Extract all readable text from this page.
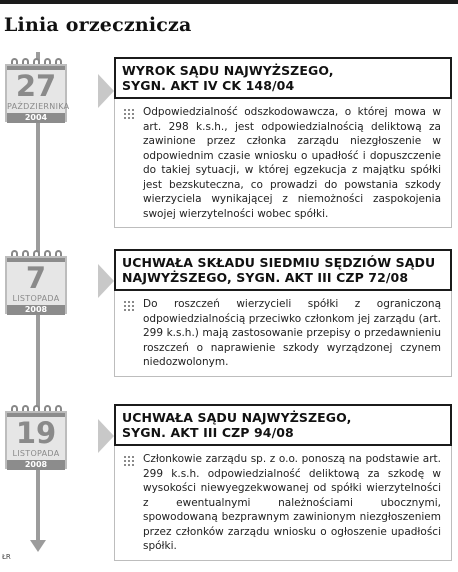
Linia orzecznicza
27
PAŹDZIERNIKA
2004
WYROK SĄDU NAJWYŻSZEGO,
SYGN. AKT IV CK 148/04
Odpowiedzialność odszkodowawcza, o której mowa w art. 298 k.s.h., jest odpowiedzialnością deliktową za zawinione przez członka zarządu niezgłoszenie w odpowiednim czasie wniosku o upadłość i dopuszczenie do takiej sytuacji, w której egzekucja z majątku spółki jest bezskuteczna, co prowadzi do powstania szkody wierzyciela wynikającej z niemożności zaspokojenia swojej wierzytelności wobec spółki.
7
LISTOPADA
2008
UCHWAŁA SKŁADU SIEDMIU SĘDZIÓW SĄDU
NAJWYŻSZEGO, SYGN. AKT III CZP 72/08
Do roszczeń wierzycieli spółki z ograniczoną odpowiedzialnością przeciwko członkom jej zarządu (art. 299 k.s.h.) mają zastosowanie przepisy o przedawnieniu roszczeń o naprawienie szkody wyrządzonej czynem niedozwolonym.
19
LISTOPADA
2008
UCHWAŁA SĄDU NAJWYŻSZEGO,
SYGN. AKT III CZP 94/08
Członkowie zarządu sp. z o.o. ponoszą na podstawie art. 299 k.s.h. odpowiedzialność deliktową za szkodę w wysokości niewyegzekwowanej od spółki wierzytelności z ewentualnymi należnościami ubocznymi, spowodowaną bezprawnym zawinionym niezgłoszeniem przez członków zarządu wniosku o ogłoszenie upadłości spółki.
ŁR
